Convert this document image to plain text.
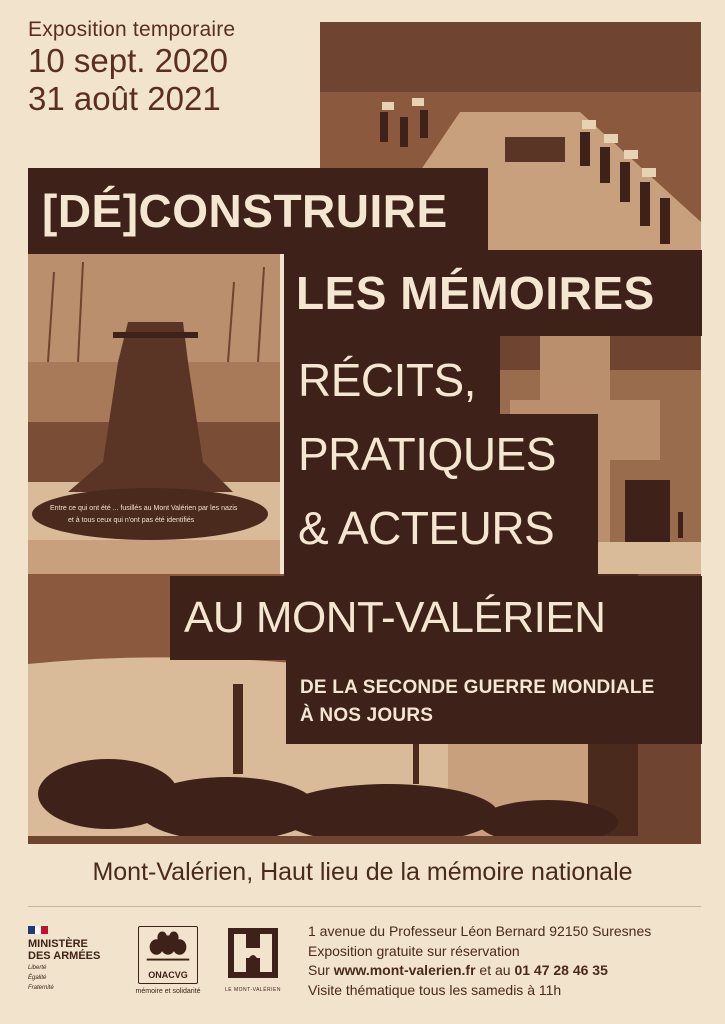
Entre ce qui ont été ... fusillés au Mont Valérien par les nazis
et à tous ceux qui n'ont pas été identifiés
Exposition temporaire
10 sept. 2020
31 août 2021
[DÉ]CONSTRUIRE
LES MÉMOIRES
RÉCITS,
PRATIQUES
& ACTEURS
AU MONT-VALÉRIEN
DE LA SECONDE GUERRE MONDIALE
À NOS JOURS
Mont-Valérien, Haut lieu de la mémoire nationale
MINISTÈRE
DES ARMÉES
Liberté
Égalité
Fraternité
ONACVG
mémoire et solidarité	LE MONT-VALÉRIEN
1 avenue du Professeur Léon Bernard 92150 Suresnes
Exposition gratuite sur réservation
Sur www.mont-valerien.fr et au 01 47 28 46 35
Visite thématique tous les samedis à 11h
